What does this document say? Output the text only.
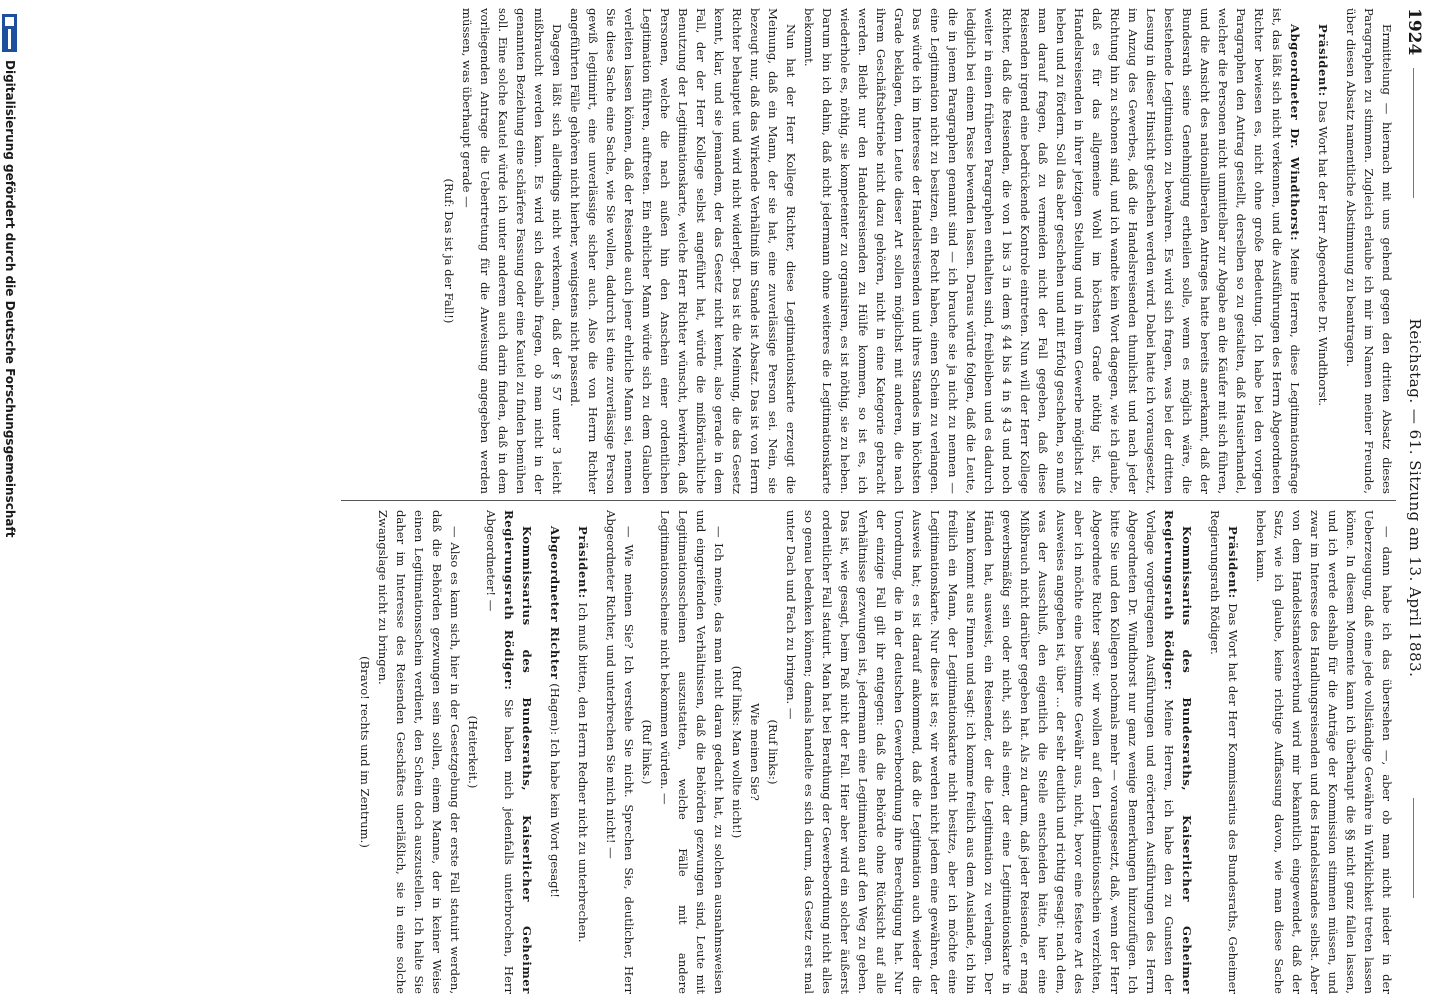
1924
Reichstag. — 61. Sitzung am 13. April 1883.

Ermittelung — hiernach mit uns gehend gegen den dritten Absatz dieses Paragraphen zu stimmen. Zugleich erlaube ich mir im Namen meiner Freunde, über diesen Absatz namentliche Abstimmung zu beantragen.

Präsident: Das Wort hat der Herr Abgeordnete Dr. Windthorst.

Abgeordneter Dr. Windthorst: Meine Herren, diese Legitimationsfrage ist, das läßt sich nicht verkennen, und die Ausführungen des Herrn Abgeordneten Richter bewiesen es, nicht ohne große Bedeutung. Ich habe bei den vorigen Paragraphen den Antrag gestellt, derselben so zu gestalten, daß Hausierhandel, welcher die Personen nicht unmittelbar zur Abgabe an die Käufer mit sich führen, und die Ansicht des nationalliberalen Antrages hatte bereits anerkannt, daß der Bundesrath seine Genehmigung ertheilen solle, wenn es möglich wäre, die bestehende Legitimation zu bewahren. Es wird sich fragen, was bei der dritten Lesung in dieser Hinsicht geschehen werden wird. Dabei hatte ich vorausgesetzt, im Anzug des Gewerbes, daß die Handelsreisenden thunlichst und nach jeder Richtung hin zu schonen sind, und ich wandte kein Wort dagegen, wie ich glaube, daß es für das allgemeine Wohl im höchsten Grade nöthig ist, die Handelsreisenden in ihrer jetzigen Stellung und in ihrem Gewerbe möglichst zu heben und zu fördern. Soll das aber geschehen und mit Erfolg geschehen, so muß man darauf fragen, daß zu vermeiden nicht der Fall gegeben, daß diese Reisenden irgend eine bedrückende Kontrole eintreten. Nun will der Herr Kollege Richter, daß die Reisenden, die von 1 bis 3 in dem § 44 bis 4 in § 43 und noch weiter in einen früheren Paragraphen enthalten sind, freibleiben und es dadurch lediglich bei einem Passe bewenden lassen. Daraus würde folgen, daß die Leute, die in jenem Paragraphen genannt sind — ich brauche sie ja nicht zu nennen — eine Legitimation nicht zu besitzen, ein Recht haben, einen Schein zu verlangen. Das würde ich im Interesse der Handelsreisenden und ihres Standes im höchsten Grade beklagen, denn Leute dieser Art sollen möglichst mit anderen, die nach ihrem Geschäftsbetriebe nicht dazu gehören, nicht in eine Kategorie gebracht werden. Bleibt nur den Handelsreisenden zu Hülfe kommen, so ist es, ich wiederhole es, nöthig, sie kompetenter zu organisiren, es ist nöthig, sie zu heben. Darum bin ich dahin, daß nicht jedermann ohne weiteres die Legitimationskarte bekommt.

Nun hat der Herr Kollege Richter, diese Legitimationskarte erzeugt die Meinung, daß ein Mann, der sie hat, eine zuverlässige Person sei. Nein, sie bezeugt nur, daß das Wirkende Verhältniß im Stande ist Absatz. Das ist von Herrn Richter behauptet und wird nicht widerlegt. Das ist die Meinung, die das Gesetz kennt, klar, und sie jemandem, der das Gesetz nicht kennt, also gerade in dem Fall, der der Herr Kollege selbst angeführt hat, würde die mißbräuchliche Benutzung der Legitimationskarte, welche Herr Richter wünscht, bewirken, daß Personen, welche die nach außen hin den Anschein einer ordentlichen Legitimation führen, auftreten. Ein ehrlicher Mann würde sich zu dem Glauben verleiten lassen können, daß der Reisende auch jener ehrliche Mann sei, nennen Sie diese Sache eine Sache, wie Sie wollen, dadurch ist eine zuverlässige Person gewiß legitimirt, eine unverlässige sicher auch. Also die von Herrn Richter angeführten Fälle gehören nicht hierher, wenigstens nicht passend.

Dagegen läßt sich allerdings nicht verkennen, daß der § 57 unter 3 leicht mißbraucht werden kann. Es wird sich deshalb fragen, ob man nicht in der genannten Beziehung eine schärfere Fassung oder eine Kautel zu finden bemühen soll. Eine solche Kautel würde ich unter anderem auch darin finden, daß in dem vorliegenden Antrage die Uebertretung für die Anweisung angegeben werden müssen, was überhaupt gerade —

(Ruf: Das ist ja der Fall!)

— dann habe ich das übersehen —, aber ob man nicht nieder in der Ueberzeugung, daß eine jede vollständige Gewähre in Wirklichkeit treten lassen könne. In diesem Momente kann ich überhaupt die §§ nicht ganz fallen lassen, und ich werde deshalb für die Anträge der Kommission stimmen müssen, und zwar im Interesse des Handlungsreisenden und des Handelsstandes selbst. Aber von dem Handelsstandesverbund wird mir bekanntlich eingewendet, daß der Satz, wie ich glaube, keine richtige Auffassung davon, wie man diese Sache heben kann.

Präsident: Das Wort hat der Herr Kommissarius des Bundesraths, Geheimer Regierungsrath Rödiger.

Kommissarius des Bundesraths, Kaiserlicher Geheimer Regierungsrath Rödiger: Meine Herren, ich habe den zu Gunsten der Vorlage vorgetragenen Ausführungen und erörterten Ausführungen des Herrn Abgeordneten Dr. Windthorst nur ganz wenige Bemerkungen hinzuzufügen. Ich bitte Sie und den Kollegen nochmals mehr — vorausgesetzt, daß, wenn der Herr Abgeordnete Richter sagte: wir wollen auf den Legitimationsschein verzichten, aber ich möchte eine bestimmte Gewähr aus, nicht, bevor eine festere Art des Ausweises angegeben ist, über ... der sehr deutlich und richtig gesagt: nach dem, was der Ausschluß, den eigentlich die Stelle entscheiden hätte, hier eine Mißbrauch nicht darüber gegeben hat. Als zu darum, daß jeder Reisende, er mag gewerbsmäßig sein oder nicht, sich als einer, der eine Legitimationskarte in Händen hat, ausweist, ein Reisender, der die Legitimation zu verlangen. Der Mann kommt aus Finnen und sagt: ich komme freilich aus dem Auslande, ich bin freilich ein Mann, der Legitimationskarte nicht besitze, aber ich möchte eine Legitimationskarte. Nur diese ist es; wir werden nicht jedem eine gewähren, der Ausweis hat; es ist darauf ankommend, daß die Legitimation auch wieder die Unordnung, die in der deutschen Gewerbeordnung ihre Berechtigung hat. Nur der einzige Fall gilt ihr entgegen: daß die Behörde ohne Rücksicht auf alle Verhältnisse gezwungen ist, jedermann eine Legitimation auf den Weg zu geben. Das ist, wie gesagt, beim Paß nicht der Fall. Hier aber wird ein solcher äußerst ordentlicher Fall statuirt. Man hat bei Berathung der Gewerbeordnung nicht alles so genau bedenken können; damals handelte es sich darum, das Gesetz erst mal unter Dach und Fach zu bringen. —

(Ruf links:)

Wie meinen Sie?

(Ruf links: Man wollte nicht!)

— Ich meine, das man nicht daran gedacht hat, zu solchen ausnahmsweisen und eingreifenden Verhältnissen, daß die Behörden gezwungen sind, Leute mit Legitimationsscheinen auszustatten, welche Fälle mit andere Legitimationsscheine nicht bekommen würden. —

(Ruf links.)

— Wie meinen Sie? Ich verstehe Sie nicht. Sprechen Sie, deutlicher, Herr Abgeordneter Richter, und unterbrechen Sie mich nicht! —

Präsident: Ich muß bitten, den Herrn Redner nicht zu unterbrechen.

Abgeordneter Richter (Hagen): Ich habe kein Wort gesagt!

Kommissarius des Bundesraths, Kaiserlicher Geheimer Regierungsrath Rödiger: Sie haben mich jedenfalls unterbrochen, Herr Abgeordneter! —

(Heiterkeit.)

— Also es kann sich, hier in der Gesetzgebung der erste Fall statuirt werden, daß die Behörden gezwungen sein sollen, einem Manne, der in keiner Weise einen Legitimationsschein verdient, den Schein doch auszustellen. Ich halte Sie daher im Interesse des Reisenden Geschäftes unerläßlich, sie in eine solche Zwangslage nicht zu bringen.

(Bravo! rechts und im Zentrum.)

Digitalisierung gefördert durch die Deutsche Forschungsgemeinschaft
